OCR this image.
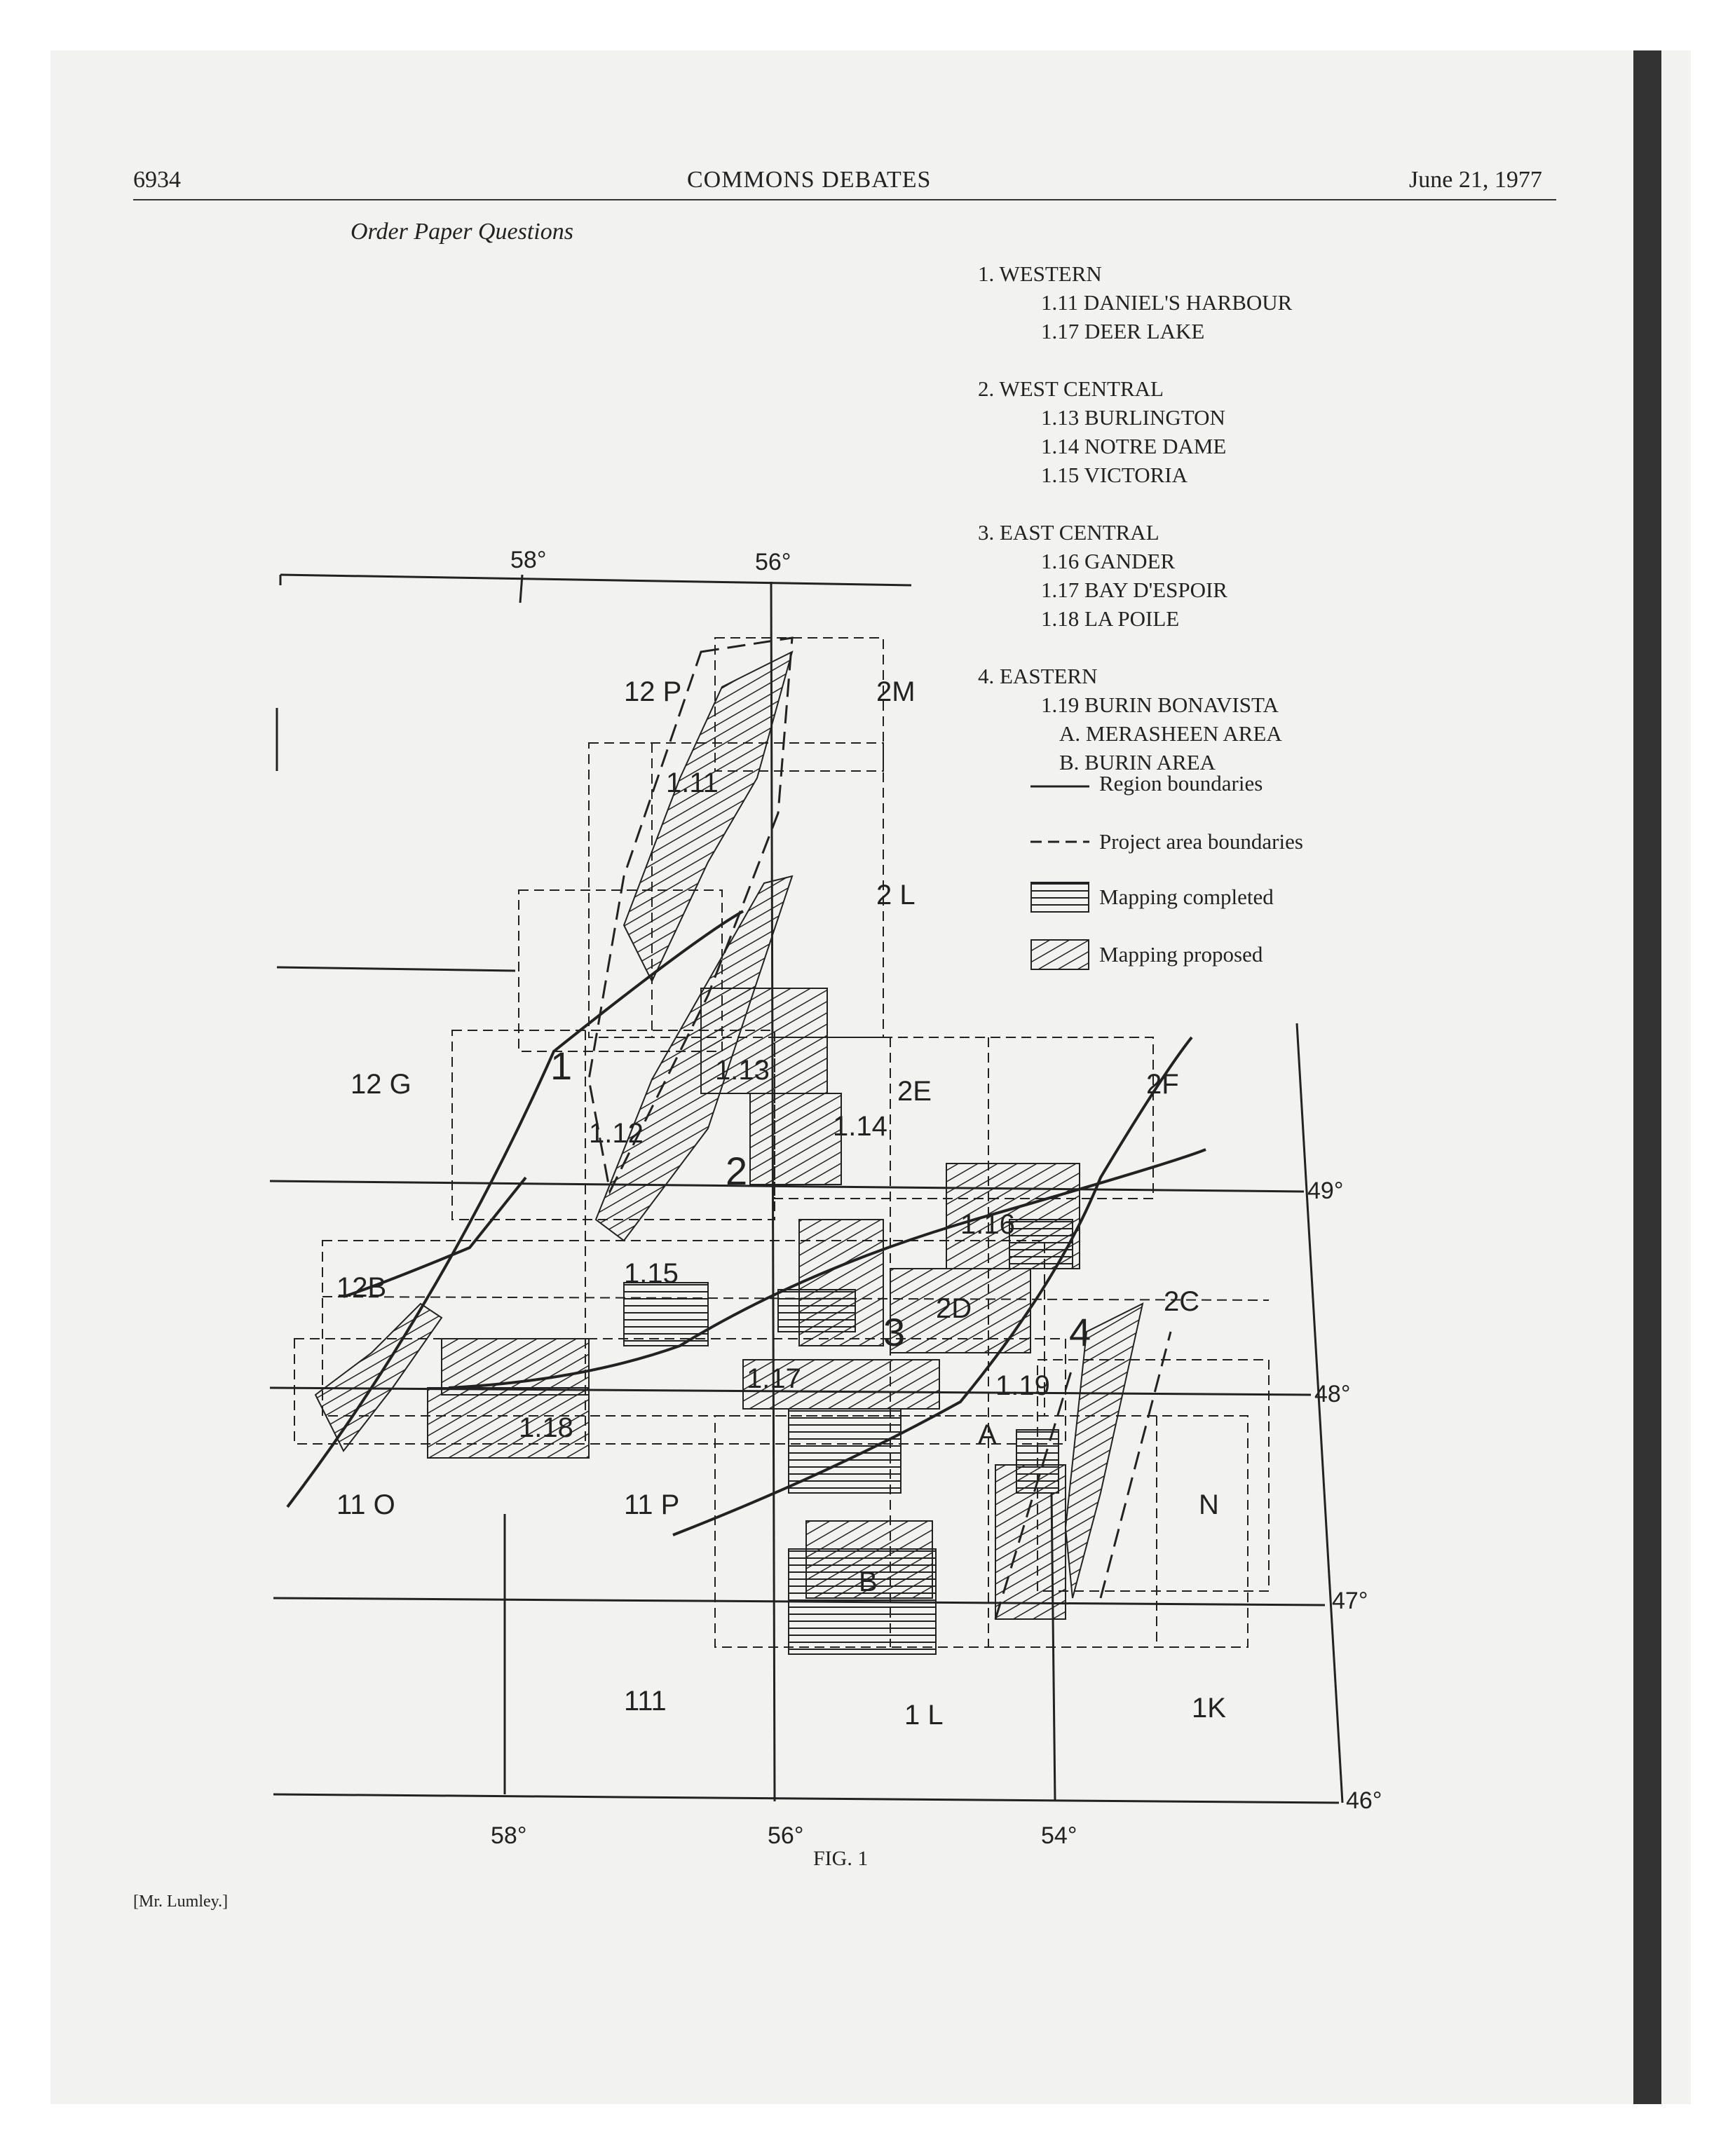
6934	COMMONS DEBATES	June 21, 1977
Order Paper Questions
1. WESTERN
1.11 DANIEL'S HARBOUR
1.17 DEER LAKE
2. WEST CENTRAL
1.13 BURLINGTON
1.14 NOTRE DAME
1.15 VICTORIA
3. EAST CENTRAL
1.16 GANDER
1.17 BAY D'ESPOIR
1.18 LA POILE
4. EASTERN
1.19 BURIN BONAVISTA
A. MERASHEEN AREA
B. BURIN AREA
Region boundaries
Project area boundaries
Mapping completed
Mapping proposed
58°	56°
58°	56°	54°
49°
48°
47°
46°
12 P	2M
2 L
12 G	2F
12B	2C
11 O	11 P	N
111	1 L	1K
1
2
3	4
1.11
1.12
1.13
1.14
1.15
1.16
1.17
1.18
1.19
2D
2E
A
B
FIG. 1
[Mr. Lumley.]
